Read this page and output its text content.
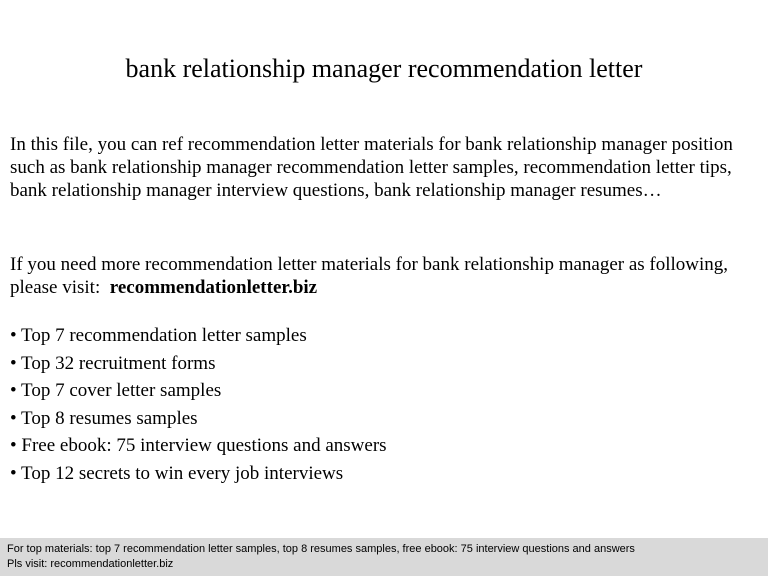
bank relationship manager recommendation letter
In this file, you can ref recommendation letter materials for bank relationship manager position such as bank relationship manager recommendation letter samples, recommendation letter tips, bank relationship manager interview questions, bank relationship manager resumes…
If you need more recommendation letter materials for bank relationship manager as following, please visit: recommendationletter.biz
• Top 7 recommendation letter samples
• Top 32 recruitment forms
• Top 7 cover letter samples
• Top 8 resumes samples
• Free ebook: 75 interview questions and answers
• Top 12 secrets to win every job interviews
For top materials: top 7 recommendation letter samples, top 8 resumes samples, free ebook: 75 interview questions and answers
Pls visit: recommendationletter.biz
